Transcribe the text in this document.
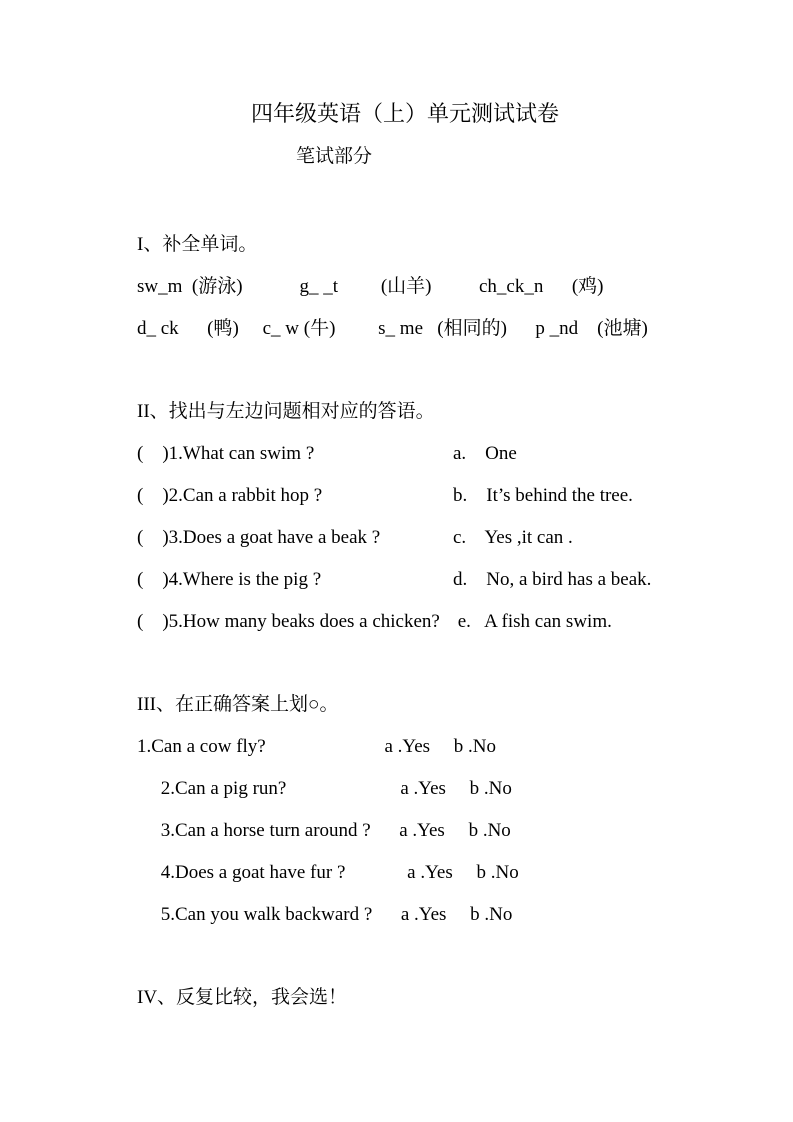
四年级英语（上）单元测试试卷
笔试部分
I、补全单词。
sw_m  (游泳)            g_ _t         (山羊)          ch_ck_n      (鸡)
d_ ck      (鸭)     c_ w (牛)         s_ me   (相同的)      p _nd    (池塘)
II、找出与左边问题相对应的答语。
(    )1.What can swim ?	a.    One
(    )2.Can a rabbit hop ?	b.    It’s behind the tree.
(    )3.Does a goat have a beak ?	c.    Yes ,it can .
(    )4.Where is the pig ?	d.    No, a bird has a beak.
(    )5.How many beaks does a chicken? e.   A fish can swim.
III、在正确答案上划○。
1.Can a cow fly?                         a .Yes     b .No
2.Can a pig run?                        a .Yes     b .No
3.Can a horse turn around ?      a .Yes     b .No
4.Does a goat have fur ?             a .Yes     b .No
5.Can you walk backward ?      a .Yes     b .No
IV、反复比较，我会选！
